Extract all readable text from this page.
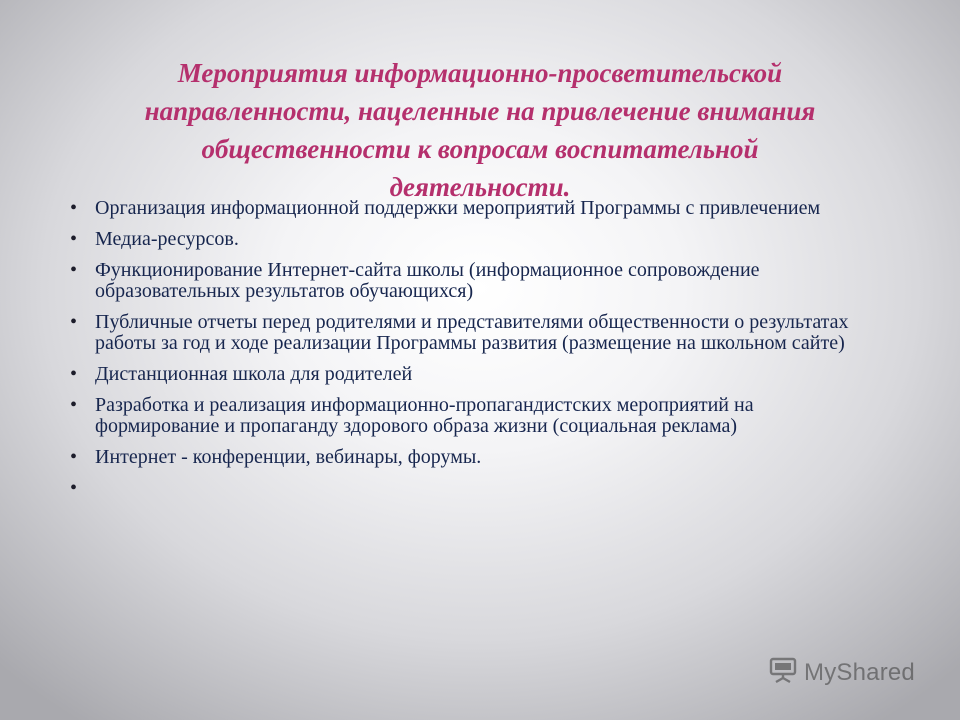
Мероприятия информационно-просветительской направленности, нацеленные на привлечение внимания общественности к вопросам воспитательной деятельности.
• Организация информационной поддержки мероприятий Программы с привлечением
• Медиа-ресурсов.
• Функционирование Интернет-сайта школы (информационное сопровождение образовательных результатов обучающихся)
• Публичные отчеты перед родителями и представителями общественности о результатах работы за год и ходе реализации Программы развития (размещение на школьном сайте)
• Дистанционная школа для родителей
• Разработка и реализация информационно-пропагандистских мероприятий на формирование и пропаганду здорового образа жизни (социальная реклама)
• Интернет - конференции, вебинары, форумы.
•
MyShared
